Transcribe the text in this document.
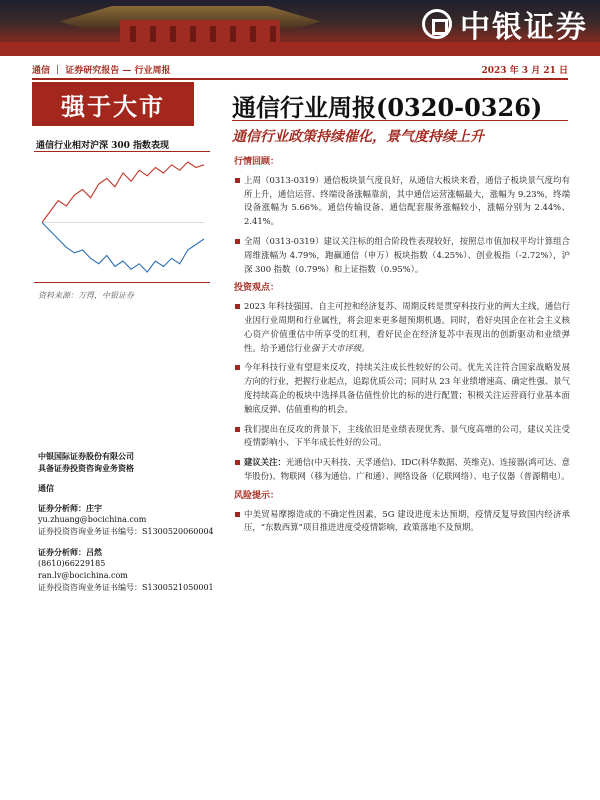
中银证券
通信 ｜ 证券研究报告 — 行业周报	2023 年 3 月 21 日
强于大市	通信行业周报(0320-0326)
通信行业政策持续催化，景气度持续上升
通信行业相对沪深 300 指数表现
资料来源：万得，中银证券
中银国际证券股份有限公司
具备证券投资咨询业务资格
通信
证券分析师：庄宇
yu.zhuang@bocichina.com
证券投资咨询业务证书编号：S1300520060004
证券分析师：吕然
(8610)66229185
ran.lv@bocichina.com
证券投资咨询业务证书编号：S1300521050001
行情回顾：
上周（0313-0319）通信板块景气度良好，从通信大板块来看，通信子板块景气度均有所上升，通信运营、终端设备涨幅靠前，其中通信运营涨幅最大，涨幅为 9.23%，终端设备涨幅为 5.66%。通信传输设备、通信配套服务涨幅较小，涨幅分别为 2.44%、2.41%。
全周（0313-0319）建议关注标的组合阶段性表现较好，按照总市值加权平均计算组合周维涨幅为 4.79%，跑赢通信（申万）板块指数（4.25%）、创业板指（-2.72%），沪深 300 指数（0.79%）和上证指数（0.95%）。
投资观点：
2023 年科技强国、自主可控和经济复苏、周期反转是贯穿科技行业的两大主线，通信行业因行业周期和行业属性，将会迎来更多超预期机遇。同时，看好央国企在社会主义核心资产价值重估中所享受的红利，看好民企在经济复苏中表现出的创新驱动和业绩弹性。给予通信行业强于大市评级。
今年科技行业有望迎来反攻，持续关注成长性较好的公司。优先关注符合国家战略发展方向的行业，把握行业起点，追踪优质公司；同时从 23 年业绩增速高、确定性强、景气度持续高企的板块中选择具备估值性价比的标的进行配置；积极关注运营商行业基本面触底反弹、估值重构的机会。
我们提出在反攻的背景下，主线依旧是业绩表现优秀、景气度高增的公司，建议关注受疫情影响小、下半年成长性好的公司。
建议关注：光通信(中天科技、天孚通信)、IDC(科华数据、英维克)、连接器(鸿可达、意华股份)、物联网（移为通信、广和通）、网络设备（亿联网络）、电子仪器（普源精电）。
风险提示：
中美贸易摩擦造成的不确定性因素，5G 建设进度未达预期，疫情反复导致国内经济承压，“东数西算”项目推进进度受疫情影响，政策落地不及预期。
